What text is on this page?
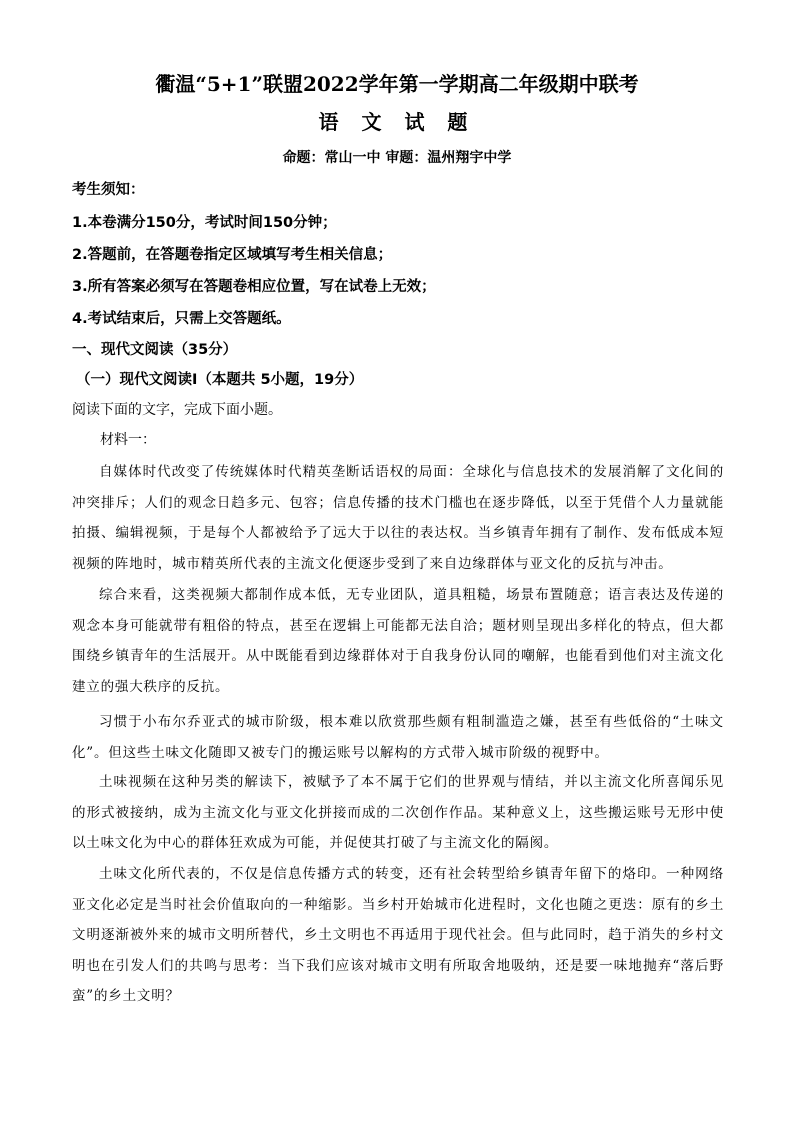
衢温“5+1”联盟2022学年第一学期高二年级期中联考
语 文 试 题
命题：常山一中 审题：温州翔宇中学
考生须知：
1.本卷满分150分，考试时间150分钟；
2.答题前，在答题卷指定区域填写考生相关信息；
3.所有答案必须写在答题卷相应位置，写在试卷上无效；
4.考试结束后，只需上交答题纸。
一、现代文阅读（35分）
（一）现代文阅读Ⅰ（本题共 5小题，19分）
阅读下面的文字，完成下面小题。
材料一：
自媒体时代改变了传统媒体时代精英垄断话语权的局面：全球化与信息技术的发展消解了文化间的冲突排斥；人们的观念日趋多元、包容；信息传播的技术门槛也在逐步降低，以至于凭借个人力量就能拍摄、编辑视频，于是每个人都被给予了远大于以往的表达权。当乡镇青年拥有了制作、发布低成本短视频的阵地时，城市精英所代表的主流文化便逐步受到了来自边缘群体与亚文化的反抗与冲击。
综合来看，这类视频大都制作成本低，无专业团队，道具粗糙，场景布置随意；语言表达及传递的观念本身可能就带有粗俗的特点，甚至在逻辑上可能都无法自洽；题材则呈现出多样化的特点，但大都围绕乡镇青年的生活展开。从中既能看到边缘群体对于自我身份认同的嘲解，也能看到他们对主流文化建立的强大秩序的反抗。
习惯于小布尔乔亚式的城市阶级，根本难以欣赏那些颇有粗制滥造之嫌，甚至有些低俗的“土味文化”。但这些土味文化随即又被专门的搬运账号以解构的方式带入城市阶级的视野中。
土味视频在这种另类的解读下，被赋予了本不属于它们的世界观与情结，并以主流文化所喜闻乐见的形式被接纳，成为主流文化与亚文化拼接而成的二次创作作品。某种意义上，这些搬运账号无形中使以土味文化为中心的群体狂欢成为可能，并促使其打破了与主流文化的隔阂。
土味文化所代表的，不仅是信息传播方式的转变，还有社会转型给乡镇青年留下的烙印。一种网络亚文化必定是当时社会价值取向的一种缩影。当乡村开始城市化进程时，文化也随之更迭：原有的乡土文明逐渐被外来的城市文明所替代，乡土文明也不再适用于现代社会。但与此同时，趋于消失的乡村文明也在引发人们的共鸣与思考：当下我们应该对城市文明有所取舍地吸纳，还是要一味地抛弃“落后野蛮”的乡土文明？
